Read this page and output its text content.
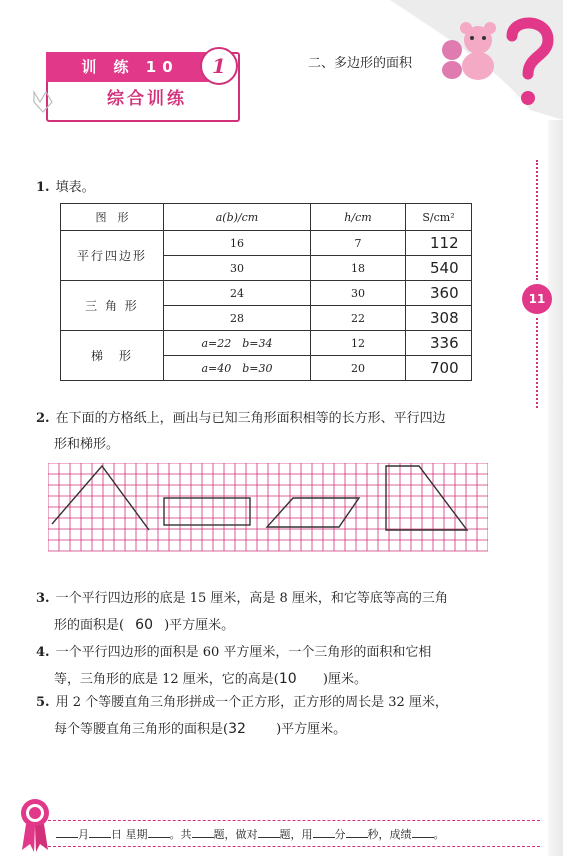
11
训 练 10	1
综合训练
二、多边形的面积
1. 填表。
图　形	a(b)/cm	h/cm	S/cm²
平行四边形	16	7	112
	30	18	540
三 角 形	24	30	360
	28	22	308
梯　形	a=22　b=34	12	336
	a=40　b=30	20	700
2. 在下面的方格纸上，画出与已知三角形面积相等的长方形、平行四边
形和梯形。
3. 一个平行四边形的底是 15 厘米，高是 8 厘米，和它等底等高的三角
形的面积是( 60 )平方厘米。
4. 一个平行四边形的面积是 60 平方厘米，一个三角形的面积和它相
等，三角形的底是 12 厘米，它的高是(10 )厘米。
5. 用 2 个等腰直角三角形拼成一个正方形，正方形的周长是 32 厘米，
每个等腰直角三角形的面积是(32 )平方厘米。
月 日 星期 。共 题，做对 题，用 分 秒，成绩 。
